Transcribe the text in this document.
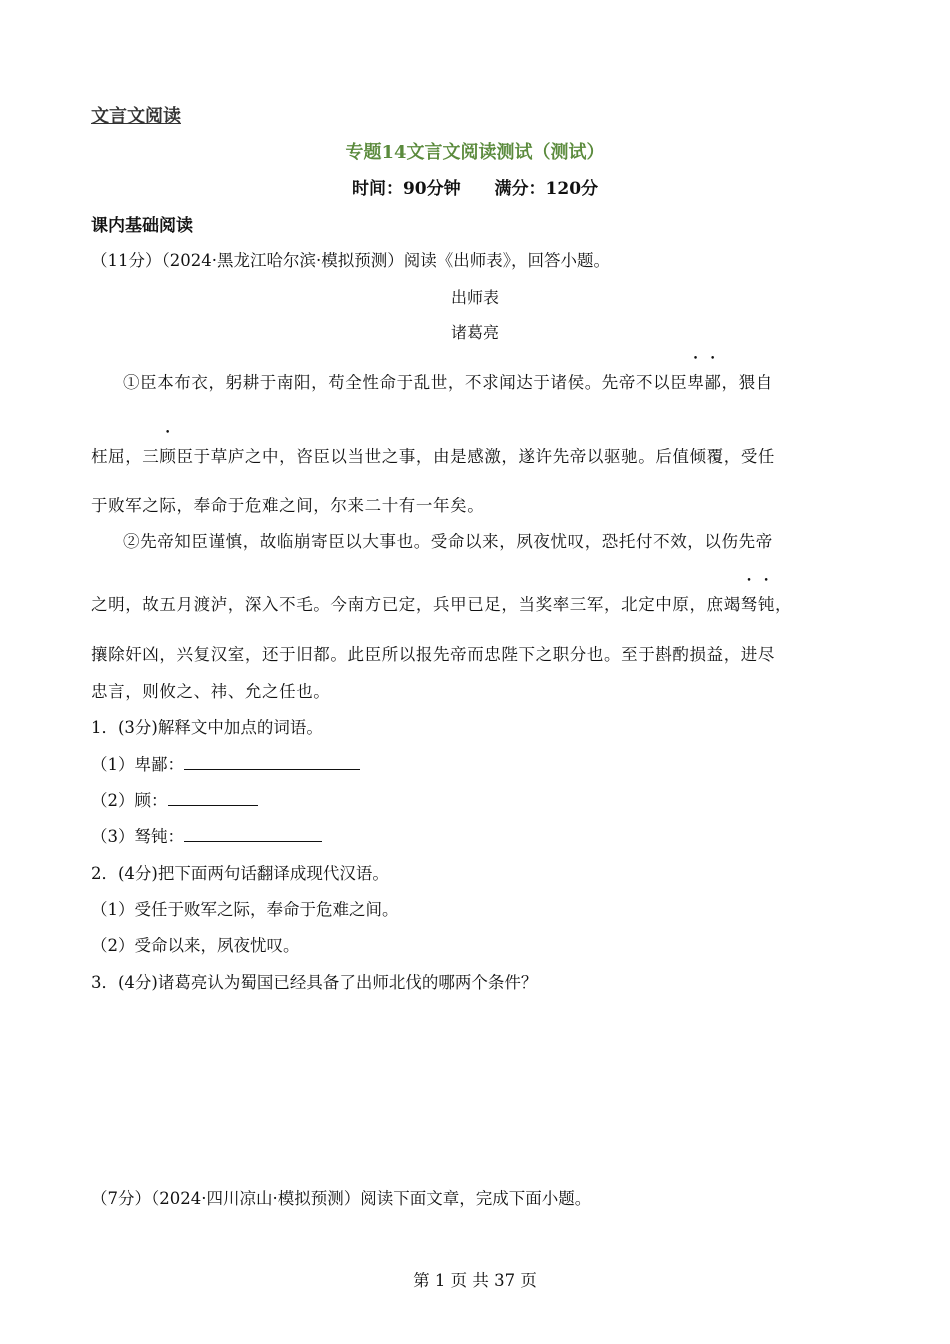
文言文阅读
专题14文言文阅读测试（测试）
时间：90分钟 满分：120分
课内基础阅读
（11分）（2024·黑龙江哈尔滨·模拟预测）阅读《出师表》，回答小题。
出师表
诸葛亮
①臣本布衣，躬耕于南阳，苟全性命于乱世，不求闻达于诸侯。先帝不以臣卑鄙，猥自
枉屈，三顾臣于草庐之中，咨臣以当世之事，由是感激，遂许先帝以驱驰。后值倾覆，受任
于败军之际，奉命于危难之间，尔来二十有一年矣。
②先帝知臣谨慎，故临崩寄臣以大事也。受命以来，夙夜忧叹，恐托付不效，以伤先帝
之明，故五月渡泸，深入不毛。今南方已定，兵甲已足，当奖率三军，北定中原，庶竭驽钝，
攘除奸凶，兴复汉室，还于旧都。此臣所以报先帝而忠陛下之职分也。至于斟酌损益，进尽
忠言，则攸之、祎、允之任也。
1．(3分)解释文中加点的词语。
（1）卑鄙：
（2）顾：
（3）驽钝：
2．(4分)把下面两句话翻译成现代汉语。
（1）受任于败军之际，奉命于危难之间。
（2）受命以来，夙夜忧叹。
3．(4分)诸葛亮认为蜀国已经具备了出师北伐的哪两个条件？
（7分）（2024·四川凉山·模拟预测）阅读下面文章，完成下面小题。
第 1 页 共 37 页
